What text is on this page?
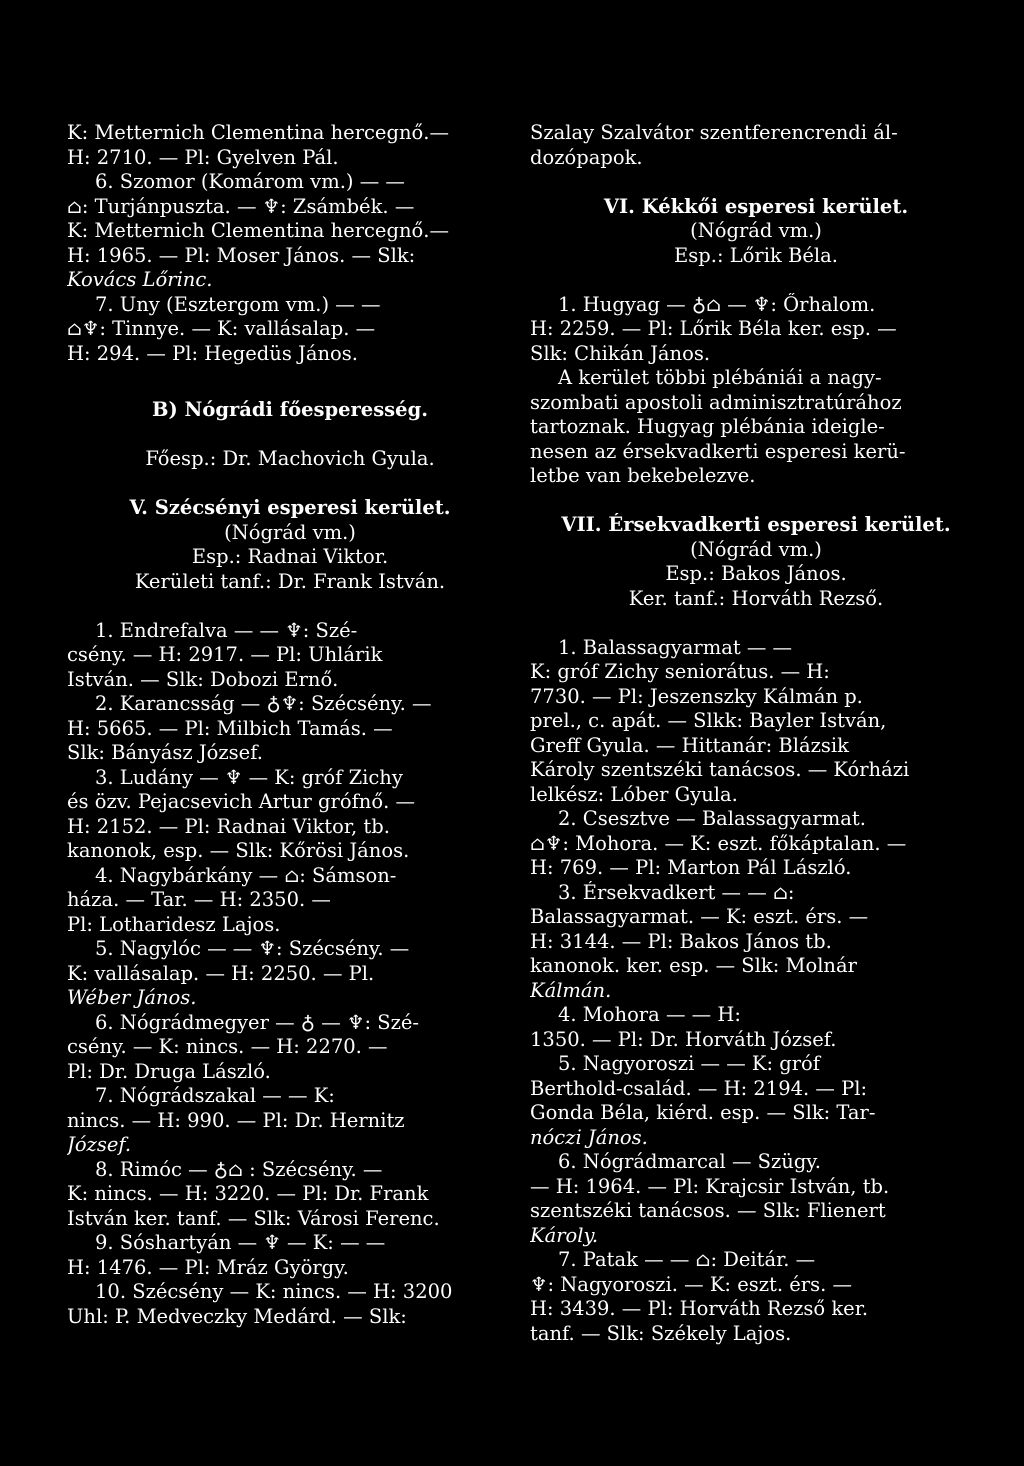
K: Metternich Clementina hercegnő.—
H: 2710. — Pl: Gyelven Pál.
6. Szomor (Komárom vm.) — —
⌂: Turjánpuszta. — ♆: Zsámbék. —
K: Metternich Clementina hercegnő.—
H: 1965. — Pl: Moser János. — Slk:
Kovács Lőrinc.
7. Uny (Esztergom vm.) — —
⌂♆: Tinnye. — K: vallásalap. —
H: 294. — Pl: Hegedüs János.
B) Nógrádi főesperesség.
Főesp.: Dr. Machovich Gyula.
V. Szécsényi esperesi kerület.
(Nógrád vm.)
Esp.: Radnai Viktor.
Kerületi tanf.: Dr. Frank István.
1. Endrefalva — — ♆: Szé-
csény. — H: 2917. — Pl: Uhlárik
István. — Slk: Dobozi Ernő.
2. Karancsság — ♁♆: Szécsény. —
H: 5665. — Pl: Milbich Tamás. —
Slk: Bányász József.
3. Ludány — ♆ — K: gróf Zichy
és özv. Pejacsevich Artur grófnő. —
H: 2152. — Pl: Radnai Viktor, tb.
kanonok, esp. — Slk: Kőrösi János.
4. Nagybárkány — ⌂: Sámson-
háza. — Tar. — H: 2350. —
Pl: Lotharidesz Lajos.
5. Nagylóc — — ♆: Szécsény. —
K: vallásalap. — H: 2250. — Pl.
Wéber János.
6. Nógrádmegyer — ♁ — ♆: Szé-
csény. — K: nincs. — H: 2270. —
Pl: Dr. Druga László.
7. Nógrádszakal — — K:
nincs. — H: 990. — Pl: Dr. Hernitz
József.
8. Rimóc — ♁⌂ : Szécsény. —
K: nincs. — H: 3220. — Pl: Dr. Frank
István ker. tanf. — Slk: Városi Ferenc.
9. Sóshartyán — ♆ — K: — —
H: 1476. — Pl: Mráz György.
10. Szécsény — K: nincs. — H: 3200
Uhl: P. Medveczky Medárd. — Slk:
Szalay Szalvátor szentferencrendi ál-
dozópapok.
VI. Kékkői esperesi kerület.
(Nógrád vm.)
Esp.: Lőrik Béla.
1. Hugyag — ♁⌂ — ♆: Őrhalom.
H: 2259. — Pl: Lőrik Béla ker. esp. —
Slk: Chikán János.
A kerület többi plébániái a nagy-
szombati apostoli adminisztratúrához
tartoznak. Hugyag plébánia ideigle-
nesen az érsekvadkerti esperesi kerü-
letbe van bekebelezve.
VII. Érsekvadkerti esperesi kerület.
(Nógrád vm.)
Esp.: Bakos János.
Ker. tanf.: Horváth Rezső.
1. Balassagyarmat — —
K: gróf Zichy seniorátus. — H:
7730. — Pl: Jeszenszky Kálmán p.
prel., c. apát. — Slkk: Bayler István,
Greff Gyula. — Hittanár: Blázsik
Károly szentszéki tanácsos. — Kórházi
lelkész: Lóber Gyula.
2. Csesztve — Balassagyarmat.
⌂♆: Mohora. — K: eszt. főkáptalan. —
H: 769. — Pl: Marton Pál László.
3. Érsekvadkert — — ⌂:
Balassagyarmat. — K: eszt. érs. —
H: 3144. — Pl: Bakos János tb.
kanonok. ker. esp. — Slk: Molnár
Kálmán.
4. Mohora — — H:
1350. — Pl: Dr. Horváth József.
5. Nagyoroszi — — K: gróf
Berthold-család. — H: 2194. — Pl:
Gonda Béla, kiérd. esp. — Slk: Tar-
nóczi János.
6. Nógrádmarcal — Szügy.
— H: 1964. — Pl: Krajcsir István, tb.
szentszéki tanácsos. — Slk: Flienert
Károly.
7. Patak — — ⌂: Deitár. —
♆: Nagyoroszi. — K: eszt. érs. —
H: 3439. — Pl: Horváth Rezső ker.
tanf. — Slk: Székely Lajos.
